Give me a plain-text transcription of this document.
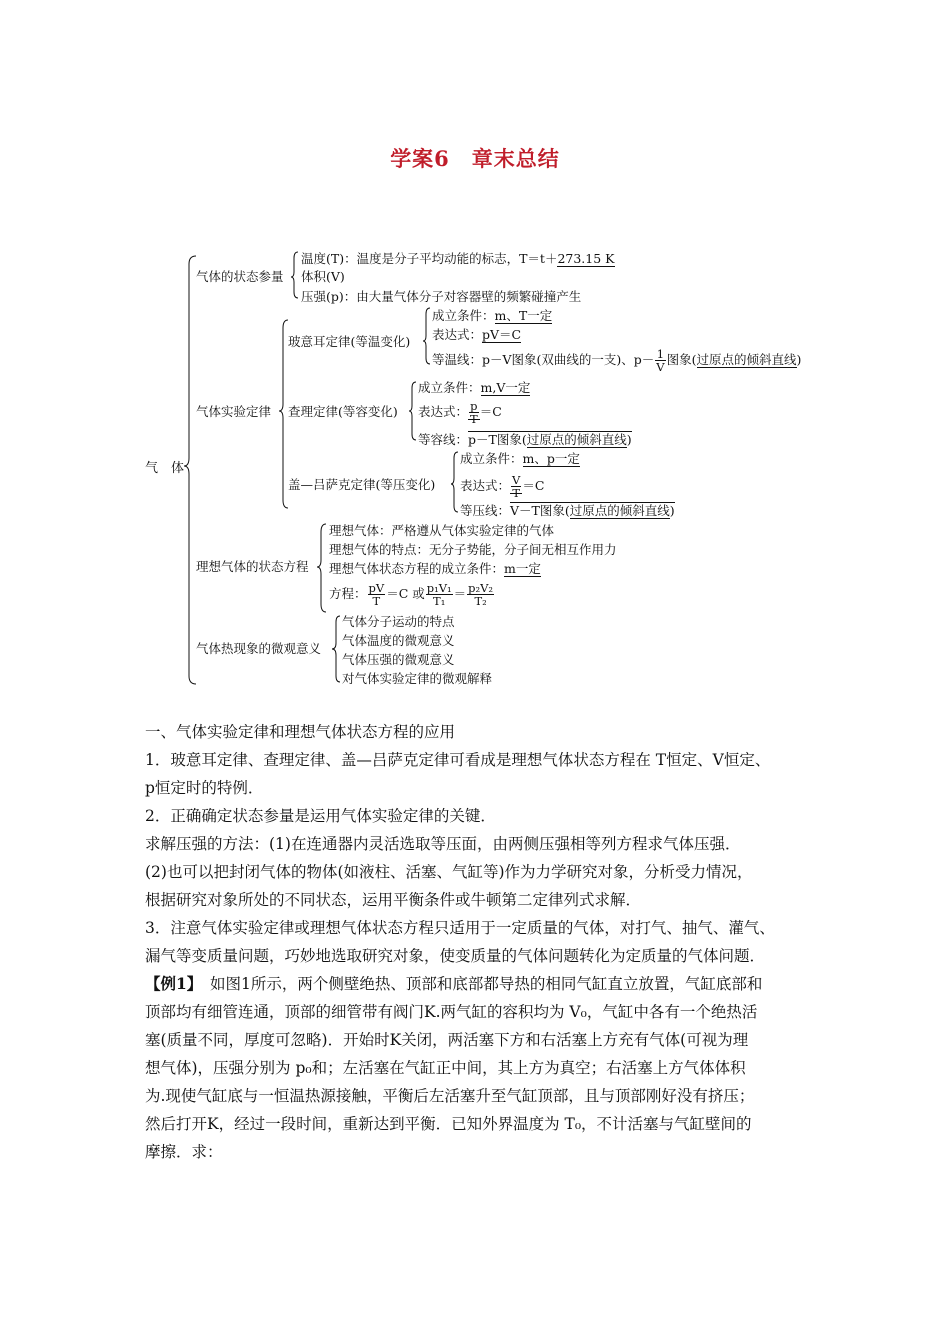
学案6　章末总结
气　体
气体的状态参量
温度(T)：温度是分子平均动能的标志，T＝t＋273.15 K
体积(V)
压强(p)：由大量气体分子对容器壁的频繁碰撞产生
气体实验定律
玻意耳定律(等温变化)
成立条件：m、T一定
表达式：pV＝C
等温线：p－V图象(双曲线的一支)、$p- \frac{1}{V}$ 图象(过原点的倾斜直线)
查理定律(等容变化)
成立条件：m,V一定
表达式： $\frac{p}{T} =C$
等容线：p－T图象(过原点的倾斜直线)
盖—吕萨克定律(等压变化)
成立条件：m、p一定
表达式： $\frac{V}{T} =C$
等压线：V－T图象(过原点的倾斜直线)
理想气体的状态方程
理想气体：严格遵从气体实验定律的气体
理想气体的特点：无分子势能，分子间无相互作用力
理想气体状态方程的成立条件：m一定
方程： $\frac{pV}{T} =C$ 或 $\frac{\text{p₁V₁}}{\text{T₁}} = \frac{\text{p₂V₂}}{\text{T₂}}$
气体热现象的微观意义
气体分子运动的特点
气体温度的微观意义
气体压强的微观意义
对气体实验定律的微观解释

一、气体实验定律和理想气体状态方程的应用

1．玻意耳定律、查理定律、盖—吕萨克定律可看成是理想气体状态方程在 T恒定、V恒定、

p恒定时的特例．

2．正确确定状态参量是运用气体实验定律的关键．

求解压强的方法：(1)在连通器内灵活选取等压面，由两侧压强相等列方程求气体压强．

(2)也可以把封闭气体的物体(如液柱、活塞、气缸等)作为力学研究对象，分析受力情况，

根据研究对象所处的不同状态，运用平衡条件或牛顿第二定律列式求解．

3．注意气体实验定律或理想气体状态方程只适用于一定质量的气体，对打气、抽气、灌气、

漏气等变质量问题，巧妙地选取研究对象，使变质量的气体问题转化为定质量的气体问题．

【例1】　如图1所示，两个侧壁绝热、顶部和底部都导热的相同气缸直立放置，气缸底部和

顶部均有细管连通，顶部的细管带有阀门K.两气缸的容积均为 V₀，气缸中各有一个绝热活

塞(质量不同，厚度可忽略)．开始时K关闭，两活塞下方和右活塞上方充有气体(可视为理

想气体)，压强分别为 p₀和；左活塞在气缸正中间，其上方为真空；右活塞上方气体体积

为.现使气缸底与一恒温热源接触，平衡后左活塞升至气缸顶部，且与顶部刚好没有挤压；

然后打开K，经过一段时间，重新达到平衡．已知外界温度为 T₀，不计活塞与气缸壁间的

摩擦．求：
